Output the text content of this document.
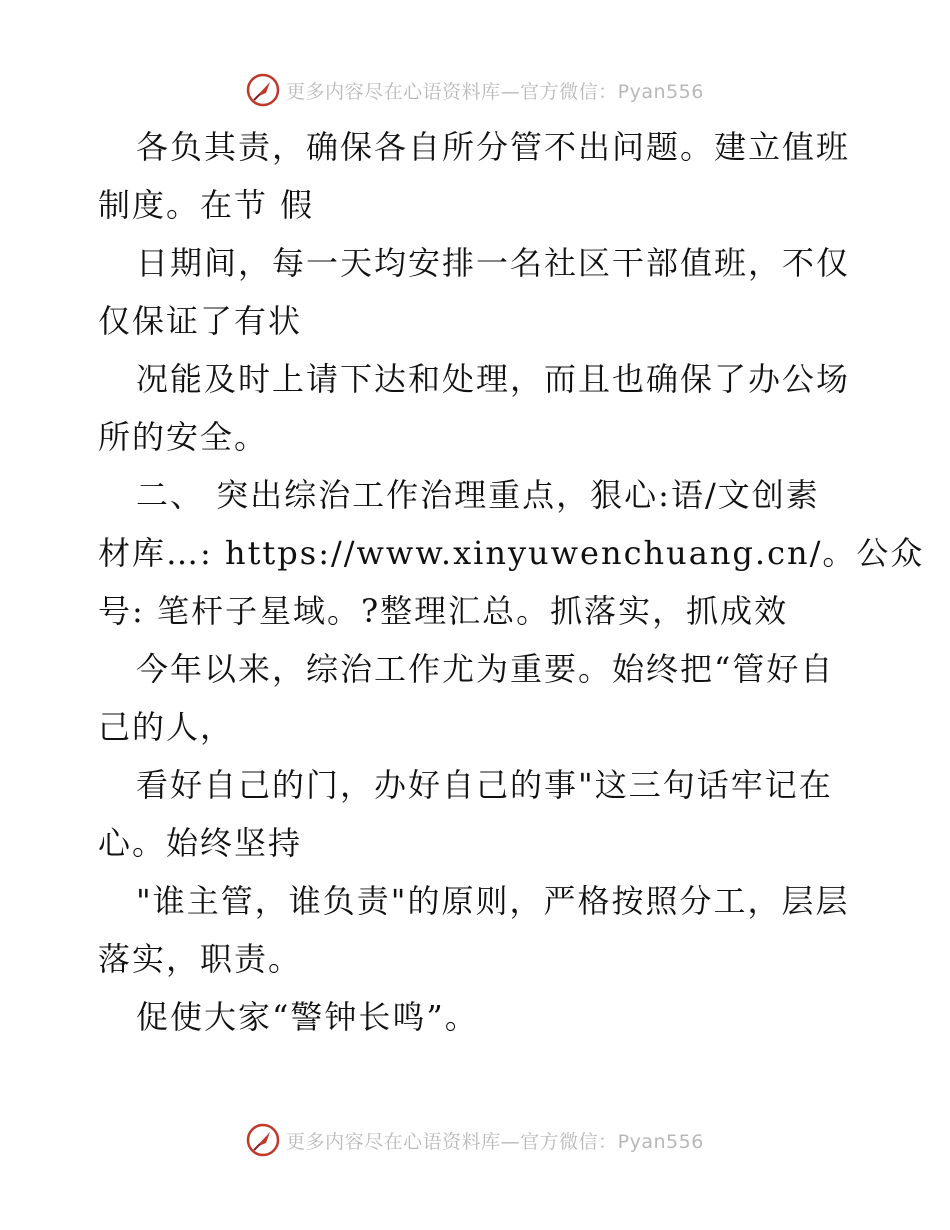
更多内容尽在心语资料库—官方微信：Pyan556
各负其责，确保各自所分管不出问题。建立值班
制度。在节 假
日期间，每一天均安排一名社区干部值班，不仅
仅保证了有状
况能及时上请下达和处理，而且也确保了办公场
所的安全。
二、 突出综治工作治理重点，狠心:语/文创素
材库…: https://www.xinyuwenchuang.cn/。公众
号: 笔杆子星域。?整理汇总。抓落实，抓成效
今年以来，综治工作尤为重要。始终把“管好自
己的人，
看好自己的门，办好自己的事"这三句话牢记在
心。始终坚持
"谁主管，谁负责"的原则，严格按照分工，层层
落实，职责。
促使大家“警钟长鸣”。
更多内容尽在心语资料库—官方微信：Pyan556
